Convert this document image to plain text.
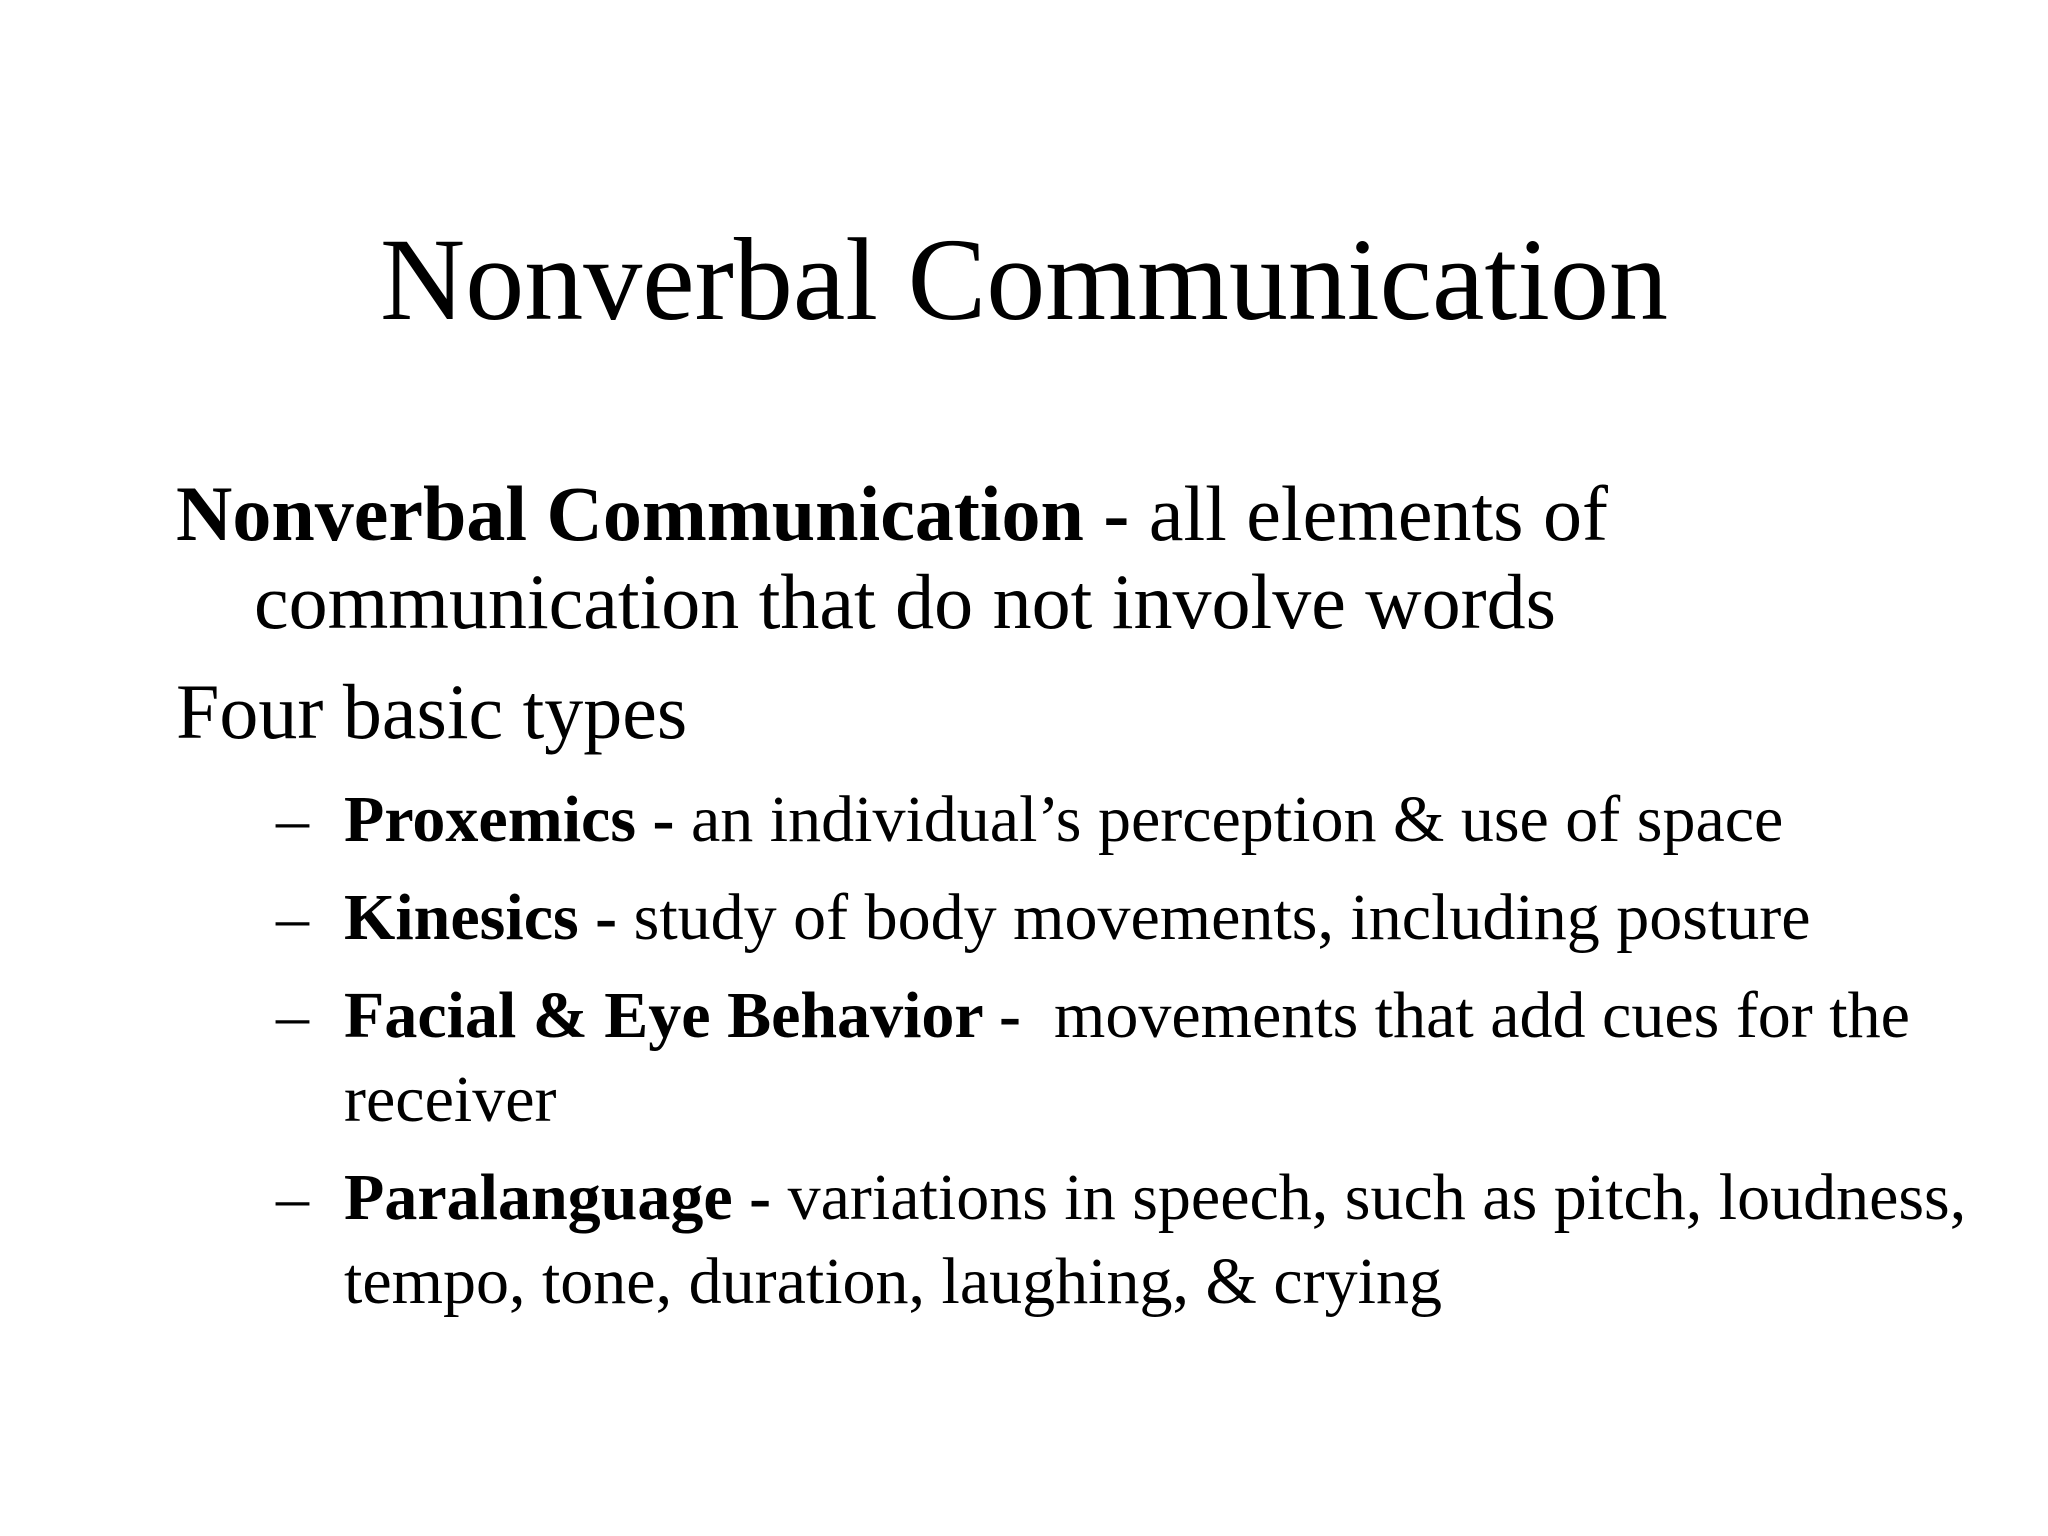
Nonverbal Communication

Nonverbal Communication - all elements of communication that do not involve words

Four basic types

– Proxemics - an individual’s perception & use of space
– Kinesics - study of body movements, including posture
– Facial & Eye Behavior -  movements that add cues for the receiver
– Paralanguage - variations in speech, such as pitch, loudness, tempo, tone, duration, laughing, & crying
